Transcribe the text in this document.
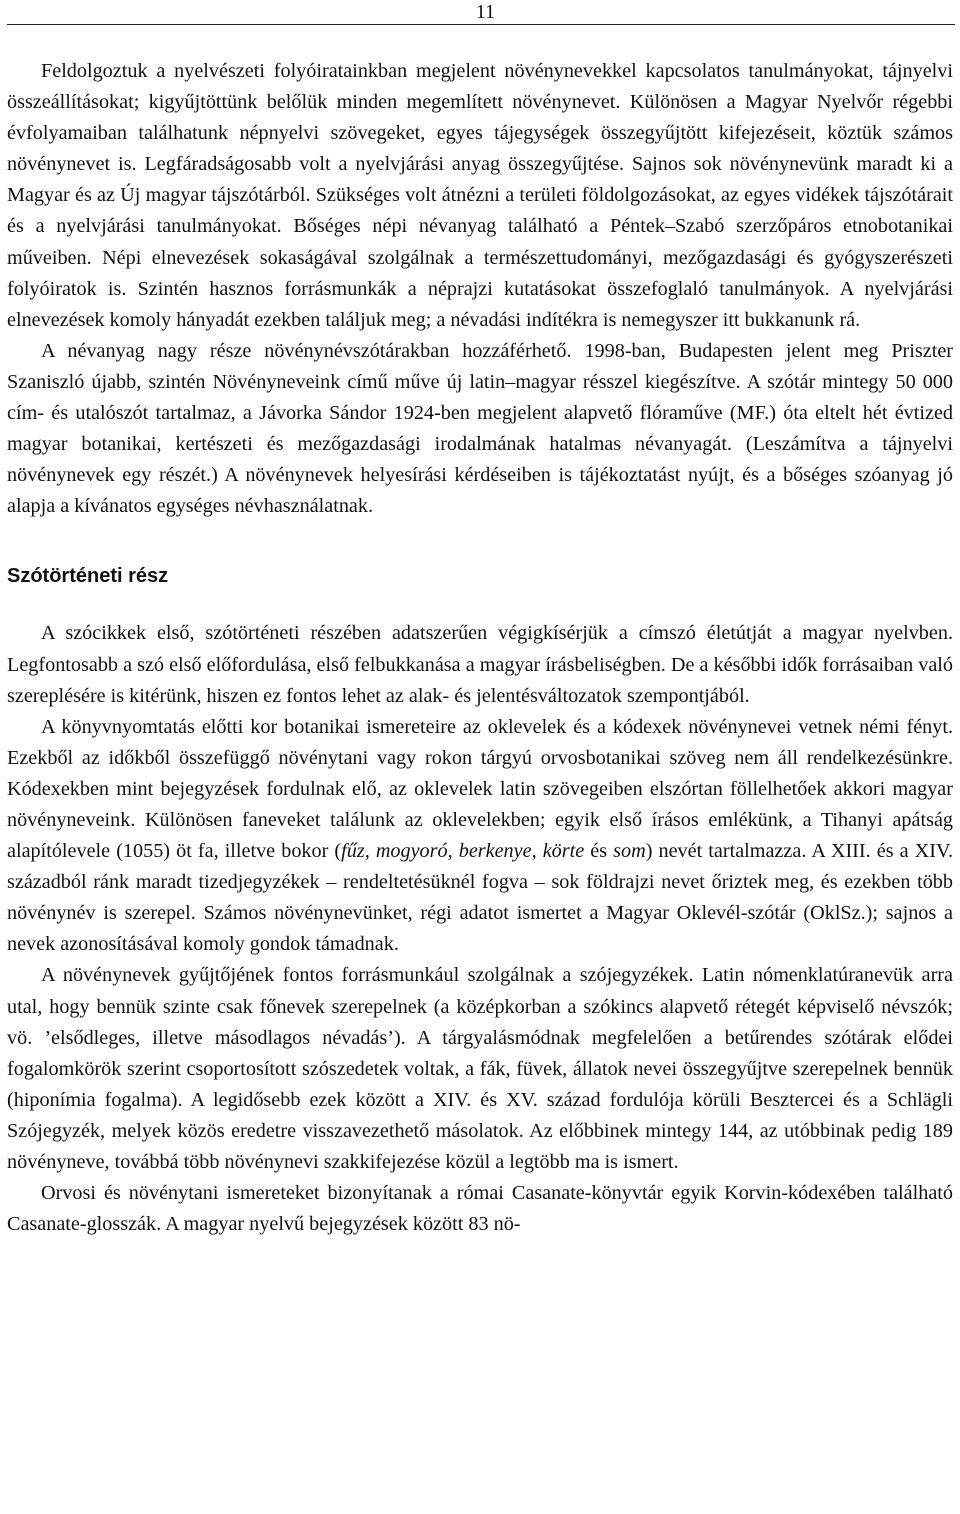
11

Feldolgoztuk a nyelvészeti folyóiratainkban megjelent növénynevekkel kapcsolatos tanulmányokat, tájnyelvi összeállításokat; kigyűjtöttünk belőlük minden megemlített növénynevet. Különösen a Magyar Nyelvőr régebbi évfolyamaiban találhatunk népnyelvi szövegeket, egyes tájegységek összegyűjtött kifejezéseit, köztük számos növénynevet is. Legfáradságosabb volt a nyelvjárási anyag összegyűjtése. Sajnos sok növénynevünk maradt ki a Magyar és az Új magyar tájszótárból. Szükséges volt átnézni a területi földolgozásokat, az egyes vidékek tájszótárait és a nyelvjárási tanulmányokat. Bőséges népi névanyag található a Péntek–Szabó szerzőpáros etnobotanikai műveiben. Népi elnevezések sokaságával szolgálnak a természettudományi, mezőgazdasági és gyógyszerészeti folyóiratok is. Szintén hasznos forrásmunkák a néprajzi kutatásokat összefoglaló tanulmányok. A nyelvjárási elnevezések komoly hányadát ezekben találjuk meg; a névadási indítékra is nemegyszer itt bukkanunk rá.

A névanyag nagy része növénynévszótárakban hozzáférhető. 1998-ban, Budapesten jelent meg Priszter Szaniszló újabb, szintén Növényneveink című műve új latin–magyar résszel kiegészítve. A szótár mintegy 50 000 cím- és utalószót tartalmaz, a Jávorka Sándor 1924-ben megjelent alapvető flóraműve (MF.) óta eltelt hét évtized magyar botanikai, kertészeti és mezőgazdasági irodalmának hatalmas névanyagát. (Leszámítva a tájnyelvi növénynevek egy részét.) A növénynevek helyesírási kérdéseiben is tájékoztatást nyújt, és a bőséges szóanyag jó alapja a kívánatos egységes névhasználatnak.

Szótörténeti rész

A szócikkek első, szótörténeti részében adatszerűen végigkísérjük a címszó életútját a magyar nyelvben. Legfontosabb a szó első előfordulása, első felbukkanása a magyar írásbeliségben. De a későbbi idők forrásaiban való szereplésére is kitérünk, hiszen ez fontos lehet az alak- és jelentésváltozatok szempontjából.

A könyvnyomtatás előtti kor botanikai ismereteire az oklevelek és a kódexek növénynevei vetnek némi fényt. Ezekből az időkből összefüggő növénytani vagy rokon tárgyú orvosbotanikai szöveg nem áll rendelkezésünkre. Kódexekben mint bejegyzések fordulnak elő, az oklevelek latin szövegeiben elszórtan föllelhetőek akkori magyar növényneveink. Különösen faneveket találunk az oklevelekben; egyik első írásos emlékünk, a Tihanyi apátság alapítólevele (1055) öt fa, illetve bokor (fűz, mogyoró, berkenye, körte és som) nevét tartalmazza. A XIII. és a XIV. századból ránk maradt tizedjegyzékek – rendeltetésüknél fogva – sok földrajzi nevet őriztek meg, és ezekben több növénynév is szerepel. Számos növénynevünket, régi adatot ismertet a Magyar Oklevél-szótár (OklSz.); sajnos a nevek azonosításával komoly gondok támadnak.

A növénynevek gyűjtőjének fontos forrásmunkául szolgálnak a szójegyzékek. Latin nómenklatúranevük arra utal, hogy bennük szinte csak főnevek szerepelnek (a középkorban a szókincs alapvető rétegét képviselő névszók; vö. ’elsődleges, illetve másodlagos névadás’). A tárgyalásmódnak megfelelően a betűrendes szótárak elődei fogalomkörök szerint csoportosított szószedetek voltak, a fák, füvek, állatok nevei összegyűjtve szerepelnek bennük (hiponímia fogalma). A legidősebb ezek között a XIV. és XV. század fordulója körüli Besztercei és a Schlägli Szójegyzék, melyek közös eredetre visszavezethető másolatok. Az előbbinek mintegy 144, az utóbbinak pedig 189 növényneve, továbbá több növénynevi szakkifejezése közül a legtöbb ma is ismert.

Orvosi és növénytani ismereteket bizonyítanak a római Casanate-könyvtár egyik Korvin-kódexében található Casanate-glosszák. A magyar nyelvű bejegyzések között 83 nö-
